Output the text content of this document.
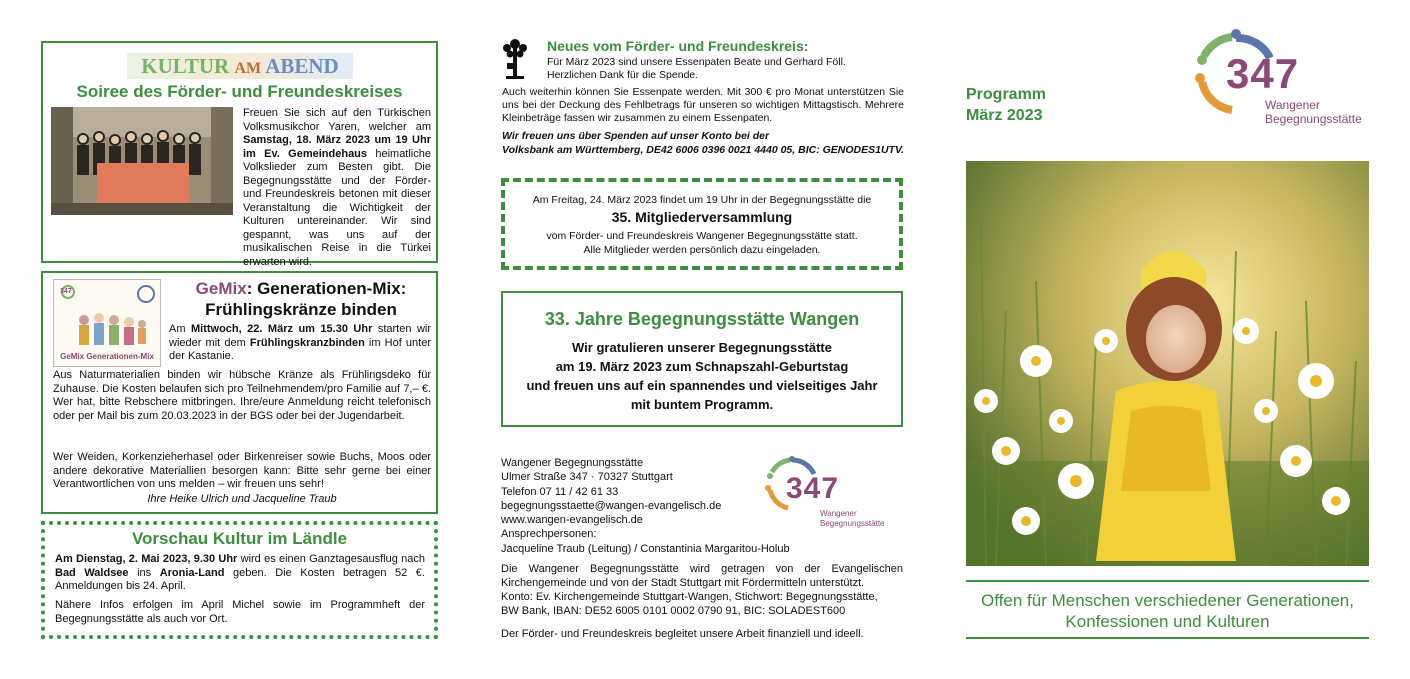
KULTUR AM ABEND
Soiree des Förder- und Freundeskreises
Freuen Sie sich auf den Türkischen Volksmusikchor Yaren, welcher am Samstag, 18. März 2023 um 19 Uhr im Ev. Gemeindehaus heimatliche Volkslieder zum Besten gibt. Die Begegnungsstätte und der Förder- und Freundeskreis betonen mit dieser Veranstaltung die Wichtigkeit der Kulturen untereinander. Wir sind gespannt, was uns auf der musikalischen Reise in die Türkei erwarten wird.
347
GeMix Generationen-Mix
GeMix: Generationen-Mix:
Frühlingskränze binden
Am Mittwoch, 22. März um 15.30 Uhr starten wir wieder mit dem Frühlingskranzbinden im Hof unter der Kastanie.
Aus Naturmaterialien binden wir hübsche Kränze als Frühlingsdeko für Zuhause. Die Kosten belaufen sich pro Teilnehmendem/pro Familie auf 7,– €. Wer hat, bitte Rebschere mitbringen. Ihre/eure Anmeldung reicht telefonisch oder per Mail bis zum 20.03.2023 in der BGS oder bei der Jugendarbeit.
Wer Weiden, Korkenzieherhasel oder Birkenreiser sowie Buchs, Moos oder andere dekorative Materiallien besorgen kann: Bitte sehr gerne bei einer Verantwortlichen von uns melden – wir freuen uns sehr!
Ihre Heike Ulrich und Jacqueline Traub
Vorschau Kultur im Ländle
Am Dienstag, 2. Mai 2023, 9.30 Uhr wird es einen Ganztagesausflug nach Bad Waldsee ins Aronia-Land geben. Die Kosten betragen 52 €. Anmeldungen bis 24. April.
Nähere Infos erfolgen im April Michel sowie im Programmheft der Begegnungsstätte als auch vor Ort.
Neues vom Förder- und Freundeskreis:
Für März 2023 sind unsere Essenpaten Beate und Gerhard Föll.
Herzlichen Dank für die Spende.
Auch weiterhin können Sie Essenpate werden. Mit 300 € pro Monat unterstützen Sie uns bei der Deckung des Fehlbetrags für unseren so wichtigen Mittagstisch. Mehrere Kleinbeträge fassen wir zusammen zu einem Essenpaten.
Wir freuen uns über Spenden auf unser Konto bei der
Volksbank am Württemberg, DE42 6006 0396 0021 4440 05, BIC: GENODES1UTV.
Am Freitag, 24. März 2023 findet um 19 Uhr in der Begegnungsstätte die
35. Mitgliederversammlung
vom Förder- und Freundeskreis Wangener Begegnungsstätte statt.
Alle Mitglieder werden persönlich dazu eingeladen.
33. Jahre Begegnungsstätte Wangen
Wir gratulieren unserer Begegnungsstätte
am 19. März 2023 zum Schnapszahl-Geburtstag
und freuen uns auf ein spannendes und vielseitiges Jahr
mit buntem Programm.
Wangener Begegnungsstätte
Ulmer Straße 347 · 70327 Stuttgart
Telefon 07 11 / 42 61 33
begegnungsstaette@wangen-evangelisch.de
www.wangen-evangelisch.de
Ansprechpersonen:
Jacqueline Traub (Leitung) / Constantinia Margaritou-Holub
347
Wangener
Begegnungsstätte
Die Wangener Begegnungsstätte wird getragen von der Evangelischen Kirchengemeinde und von der Stadt Stuttgart mit Fördermitteln unterstützt.
Konto: Ev. Kirchengemeinde Stuttgart-Wangen, Stichwort: Begegnungsstätte,
BW Bank, IBAN: DE52 6005 0101 0002 0790 91, BIC: SOLADEST600
Der Förder- und Freundeskreis begleitet unsere Arbeit finanziell und ideell.
Programm
März 2023
347
Wangener
Begegnungsstätte
Offen für Menschen verschiedener Generationen,
Konfessionen und Kulturen
